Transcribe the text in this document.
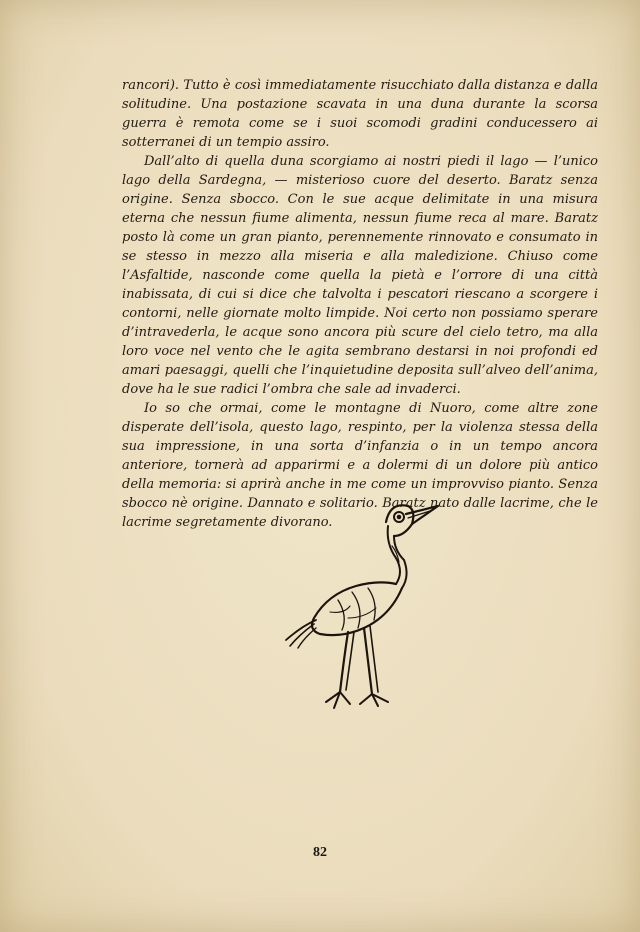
rancori). Tutto è così immediatamente risucchiato dalla distanza e dalla solitudine. Una postazione scavata in una duna durante la scorsa guerra è remota come se i suoi scomodi gradini conducessero ai sotterranei di un tempio assiro.

Dall’alto di quella duna scorgiamo ai nostri piedi il lago — l’unico lago della Sardegna, — misterioso cuore del deserto. Baratz senza origine. Senza sbocco. Con le sue acque delimitate in una misura eterna che nessun fiume alimenta, nessun fiume reca al mare. Baratz posto là come un gran pianto, perennemente rinnovato e consumato in se stesso in mezzo alla miseria e alla maledizione. Chiuso come l’Asfaltide, nasconde come quella la pietà e l’orrore di una città inabissata, di cui si dice che talvolta i pescatori riescano a scorgere i contorni, nelle giornate molto limpide. Noi certo non possiamo sperare d’intravederla, le acque sono ancora più scure del cielo tetro, ma alla loro voce nel vento che le agita sembrano destarsi in noi profondi ed amari paesaggi, quelli che l’inquietudine deposita sull’alveo dell’anima, dove ha le sue radici l’ombra che sale ad invaderci.

Io so che ormai, come le montagne di Nuoro, come altre zone disperate dell’isola, questo lago, respinto, per la violenza stessa della sua impressione, in una sorta d’infanzia o in un tempo ancora anteriore, tornerà ad apparirmi e a dolermi di un dolore più antico della memoria: si aprirà anche in me come un improvviso pianto. Senza sbocco nè origine. Dannato e solitario. Baratz nato dalle lacrime, che le lacrime segretamente divorano.

82
